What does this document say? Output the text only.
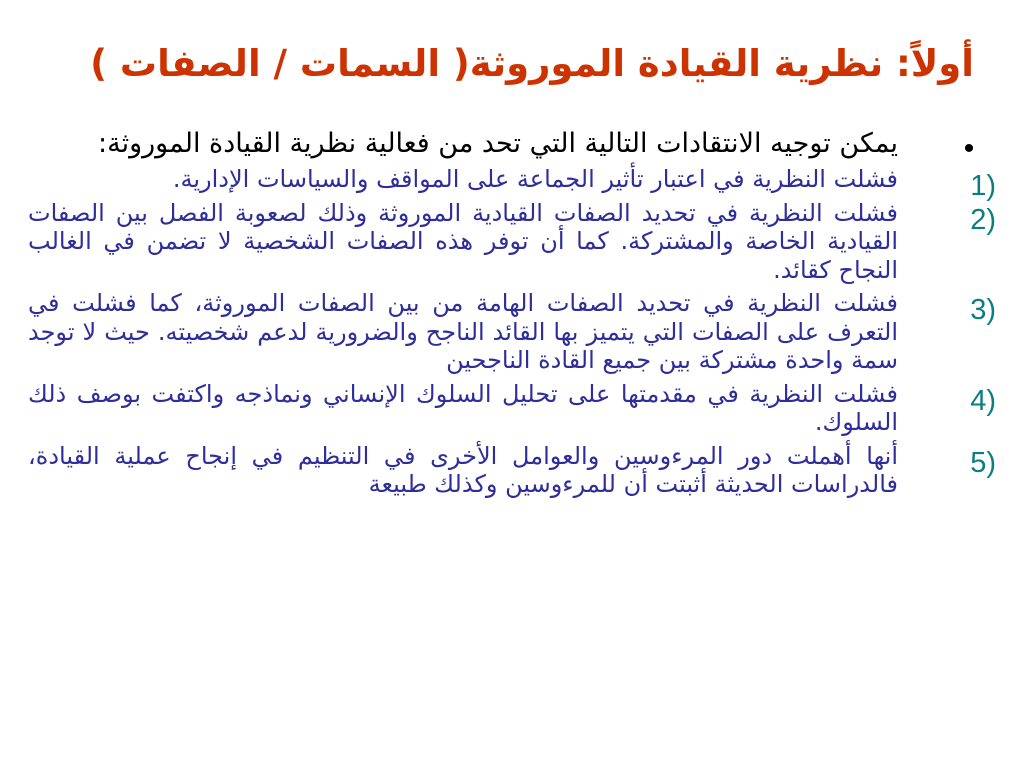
أولاً: نظرية القيادة الموروثة( السمات / الصفات )
•
يمكن توجيه الانتقادات التالية التي تحد من فعالية نظرية القيادة الموروثة:
1)
فشلت النظرية في اعتبار تأثير الجماعة على المواقف والسياسات الإدارية.
2)
فشلت النظرية في تحديد الصفات القيادية الموروثة وذلك لصعوبة الفصل بين الصفات القيادية الخاصة والمشتركة. كما أن توفر هذه الصفات الشخصية لا تضمن في الغالب النجاح كقائد.
3)
فشلت النظرية في تحديد الصفات الهامة من بين الصفات الموروثة، كما فشلت في التعرف على الصفات التي يتميز بها القائد الناجح والضرورية لدعم شخصيته. حيث لا توجد سمة واحدة مشتركة بين جميع القادة الناجحين
4)
فشلت النظرية في مقدمتها على تحليل السلوك الإنساني ونماذجه واكتفت بوصف ذلك السلوك.
5)
أنها أهملت دور المرءوسين والعوامل الأخرى في التنظيم في إنجاح عملية القيادة، فالدراسات الحديثة أثبتت أن للمرءوسين وكذلك طبيعة
